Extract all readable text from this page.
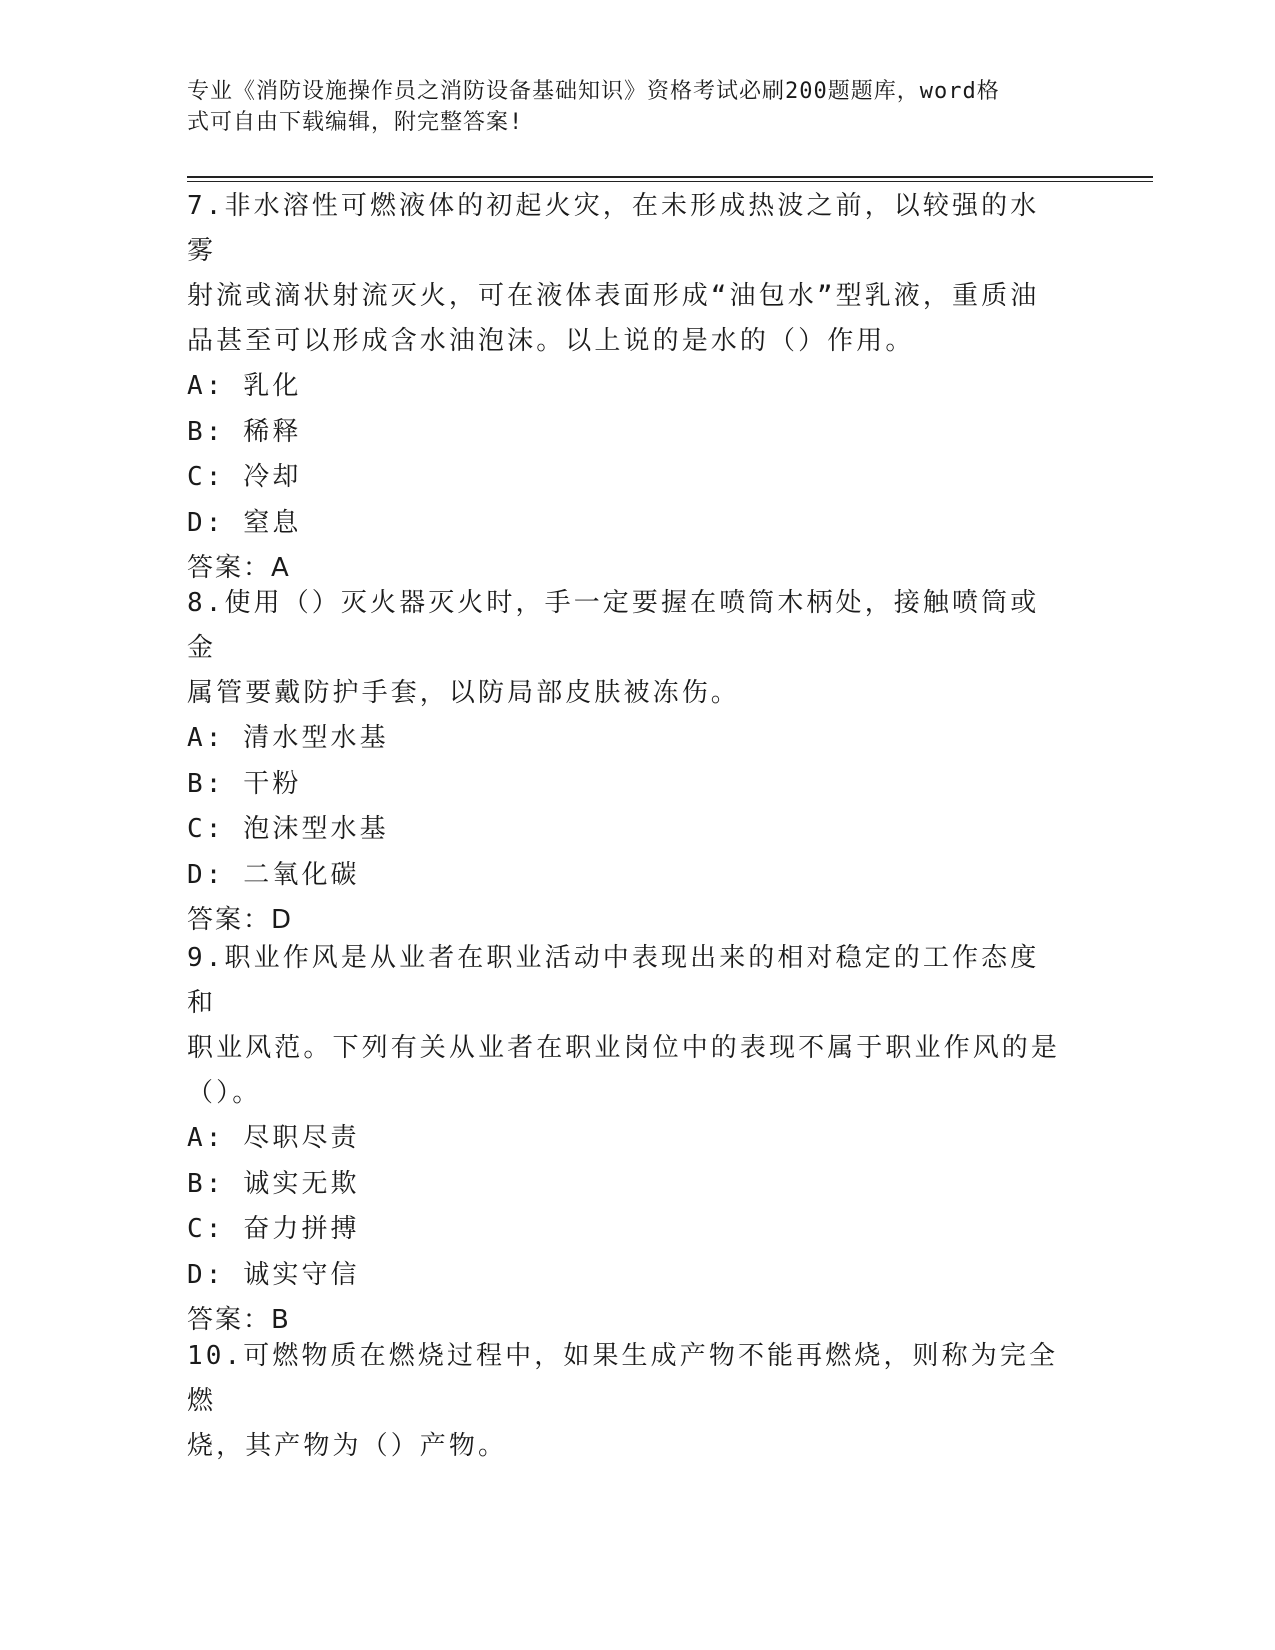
专业《消防设施操作员之消防设备基础知识》资格考试必刷200题题库，word格
式可自由下载编辑，附完整答案!
7.非水溶性可燃液体的初起火灾，在未形成热波之前，以较强的水雾
射流或滴状射流灭火，可在液体表面形成“油包水”型乳液，重质油
品甚至可以形成含水油泡沫。以上说的是水的（）作用。
A: 乳化
B: 稀释
C: 冷却
D: 窒息
答案：A
8.使用（）灭火器灭火时，手一定要握在喷筒木柄处，接触喷筒或金
属管要戴防护手套，以防局部皮肤被冻伤。
A: 清水型水基
B: 干粉
C: 泡沫型水基
D: 二氧化碳
答案：D
9.职业作风是从业者在职业活动中表现出来的相对稳定的工作态度和
职业风范。下列有关从业者在职业岗位中的表现不属于职业作风的是
（）。
A: 尽职尽责
B: 诚实无欺
C: 奋力拼搏
D: 诚实守信
答案：B
10.可燃物质在燃烧过程中，如果生成产物不能再燃烧，则称为完全燃
烧，其产物为（）产物。
